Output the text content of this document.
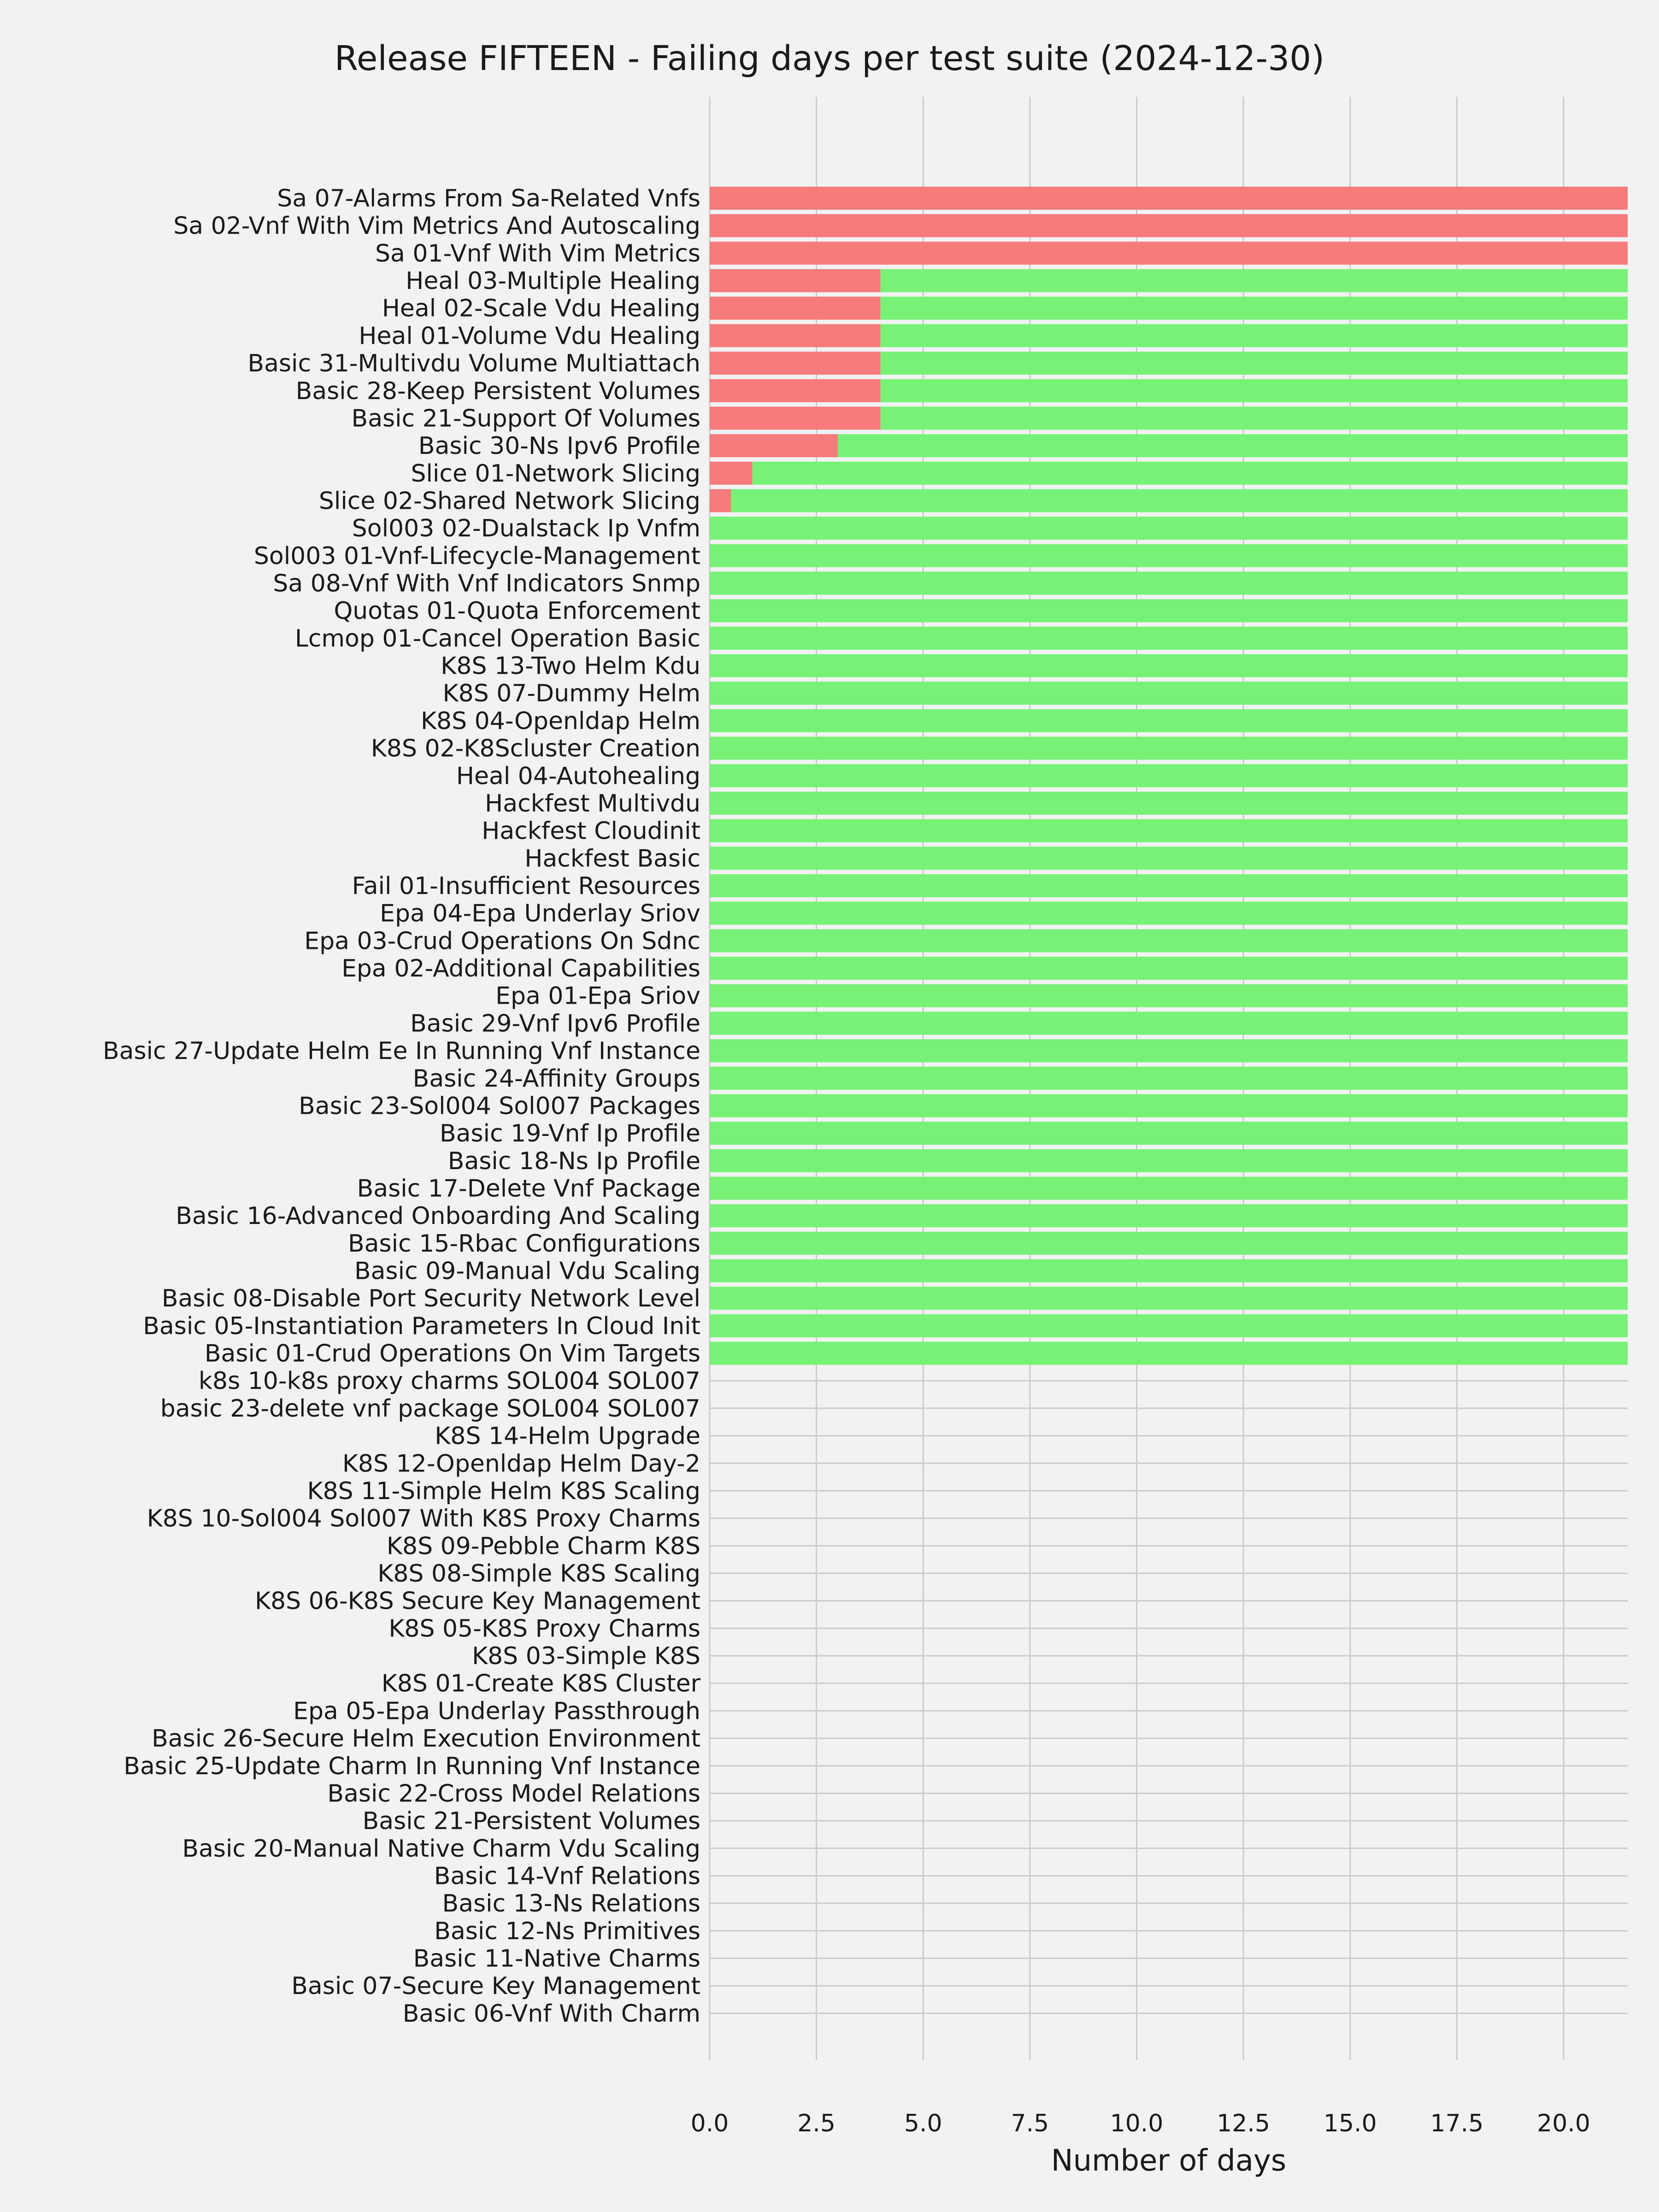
Sa 07-Alarms From Sa-Related Vnfs
Sa 02-Vnf With Vim Metrics And Autoscaling
Sa 01-Vnf With Vim Metrics
Heal 03-Multiple Healing
Heal 02-Scale Vdu Healing
Heal 01-Volume Vdu Healing
Basic 31-Multivdu Volume Multiattach
Basic 28-Keep Persistent Volumes
Basic 21-Support Of Volumes
Basic 30-Ns Ipv6 Profile
Slice 01-Network Slicing
Slice 02-Shared Network Slicing
Sol003 02-Dualstack Ip Vnfm
Sol003 01-Vnf-Lifecycle-Management
Sa 08-Vnf With Vnf Indicators Snmp
Quotas 01-Quota Enforcement
Lcmop 01-Cancel Operation Basic
K8S 13-Two Helm Kdu
K8S 07-Dummy Helm
K8S 04-Openldap Helm
K8S 02-K8Scluster Creation
Heal 04-Autohealing
Hackfest Multivdu
Hackfest Cloudinit
Hackfest Basic
Fail 01-Insufficient Resources
Epa 04-Epa Underlay Sriov
Epa 03-Crud Operations On Sdnc
Epa 02-Additional Capabilities
Epa 01-Epa Sriov
Basic 29-Vnf Ipv6 Profile
Basic 27-Update Helm Ee In Running Vnf Instance
Basic 24-Affinity Groups
Basic 23-Sol004 Sol007 Packages
Basic 19-Vnf Ip Profile
Basic 18-Ns Ip Profile
Basic 17-Delete Vnf Package
Basic 16-Advanced Onboarding And Scaling
Basic 15-Rbac Configurations
Basic 09-Manual Vdu Scaling
Basic 08-Disable Port Security Network Level
Basic 05-Instantiation Parameters In Cloud Init
Basic 01-Crud Operations On Vim Targets
k8s 10-k8s proxy charms SOL004 SOL007
basic 23-delete vnf package SOL004 SOL007
K8S 14-Helm Upgrade
K8S 12-Openldap Helm Day-2
K8S 11-Simple Helm K8S Scaling
K8S 10-Sol004 Sol007 With K8S Proxy Charms
K8S 09-Pebble Charm K8S
K8S 08-Simple K8S Scaling
K8S 06-K8S Secure Key Management
K8S 05-K8S Proxy Charms
K8S 03-Simple K8S
K8S 01-Create K8S Cluster
Epa 05-Epa Underlay Passthrough
Basic 26-Secure Helm Execution Environment
Basic 25-Update Charm In Running Vnf Instance
Basic 22-Cross Model Relations
Basic 21-Persistent Volumes
Basic 20-Manual Native Charm Vdu Scaling
Basic 14-Vnf Relations
Basic 13-Ns Relations
Basic 12-Ns Primitives
Basic 11-Native Charms
Basic 07-Secure Key Management
Basic 06-Vnf With Charm
0.0	2.5	5.0	7.5	10.0 12.5 15.0 17.5 20.0
Release FIFTEEN - Failing days per test suite (2024-12-30)
Number of days
